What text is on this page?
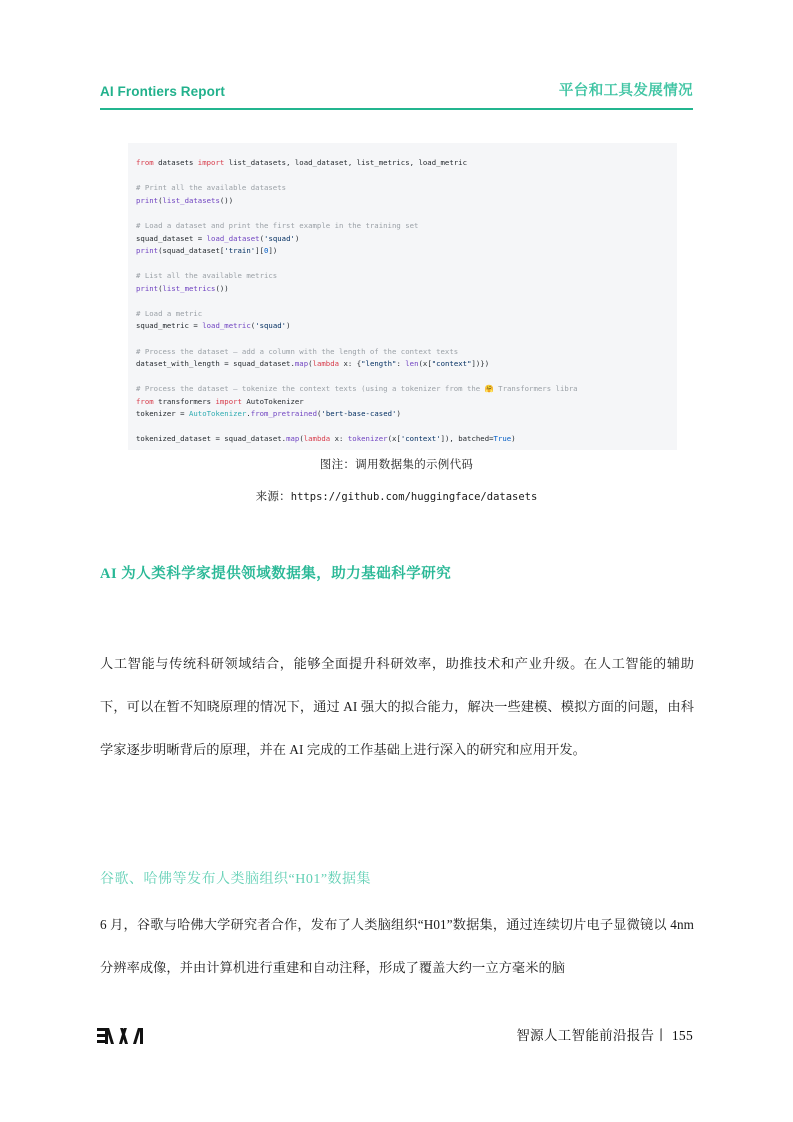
AI Frontiers Report	平台和工具发展情况
from datasets import list_datasets, load_dataset, list_metrics, load_metric

# Print all the available datasets
print(list_datasets())

# Load a dataset and print the first example in the training set
squad_dataset = load_dataset('squad')
print(squad_dataset['train'][0])

# List all the available metrics
print(list_metrics())

# Load a metric
squad_metric = load_metric('squad')

# Process the dataset – add a column with the length of the context texts
dataset_with_length = squad_dataset.map(lambda x: {"length": len(x["context"])})

# Process the dataset – tokenize the context texts (using a tokenizer from the 🤗 Transformers libra
from transformers import AutoTokenizer
tokenizer = AutoTokenizer.from_pretrained('bert-base-cased')

tokenized_dataset = squad_dataset.map(lambda x: tokenizer(x['context']), batched=True)
图注：调用数据集的示例代码
来源：https://github.com/huggingface/datasets
AI 为人类科学家提供领域数据集，助力基础科学研究
人工智能与传统科研领域结合，能够全面提升科研效率，助推技术和产业升级。在人工智能的辅助下，可以在暂不知晓原理的情况下，通过 AI 强大的拟合能力，解决一些建模、模拟方面的问题，由科学家逐步明晰背后的原理，并在 AI 完成的工作基础上进行深入的研究和应用开发。
谷歌、哈佛等发布人类脑组织“H01”数据集
6 月，谷歌与哈佛大学研究者合作，发布了人类脑组织“H01”数据集，通过连续切片电子显微镜以 4nm 分辨率成像，并由计算机进行重建和自动注释，形成了覆盖大约一立方毫米的脑
智源人工智能前沿报告丨 155
